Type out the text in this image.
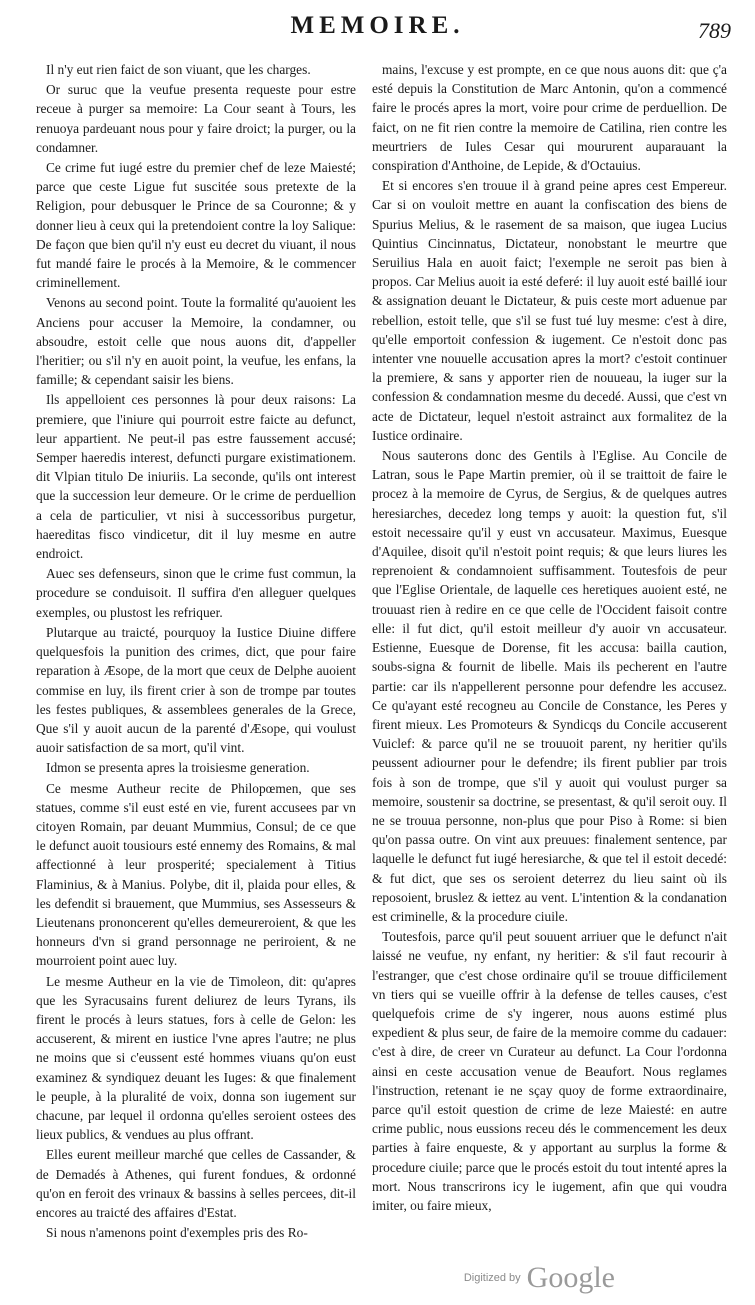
MEMOIRE.	789

Il n'y eut rien faict de son viuant, que les charges.

Or suruc que la veufue presenta requeste pour estre receue à purger sa memoire: La Cour seant à Tours, les renuoya pardeuant nous pour y faire droict; la purger, ou la condamner.

Ce crime fut iugé estre du premier chef de leze Maiesté; parce que ceste Ligue fut suscitée sous pretexte de la Religion, pour debusquer le Prince de sa Couronne; & y donner lieu à ceux qui la pretendoient contre la loy Salique: De façon que bien qu'il n'y eust eu decret du viuant, il nous fut mandé faire le procés à la Memoire, & le commencer criminellement.

Venons au second point. Toute la formalité qu'auoient les Anciens pour accuser la Memoire, la condamner, ou absoudre, estoit celle que nous auons dit, d'appeller l'heritier; ou s'il n'y en auoit point, la veufue, les enfans, la famille; & cependant saisir les biens.

Ils appelloient ces personnes là pour deux raisons: La premiere, que l'iniure qui pourroit estre faicte au defunct, leur appartient. Ne peut-il pas estre faussement accusé; Semper haeredis interest, defuncti purgare existimationem. dit Vlpian titulo De iniuriis. La seconde, qu'ils ont interest que la succession leur demeure. Or le crime de perduellion a cela de particulier, vt nisi à successoribus purgetur, haereditas fisco vindicetur, dit il luy mesme en autre endroict.

Auec ses defenseurs, sinon que le crime fust commun, la procedure se conduisoit. Il suffira d'en alleguer quelques exemples, ou plustost les refriquer.

Plutarque au traicté, pourquoy la Iustice Diuine differe quelquesfois la punition des crimes, dict, que pour faire reparation à Æsope, de la mort que ceux de Delphe auoient commise en luy, ils firent crier à son de trompe par toutes les festes publiques, & assemblees generales de la Grece, Que s'il y auoit aucun de la parenté d'Æsope, qui voulust auoir satisfaction de sa mort, qu'il vint.

Idmon se presenta apres la troisiesme generation.

Ce mesme Autheur recite de Philopœmen, que ses statues, comme s'il eust esté en vie, furent accusees par vn citoyen Romain, par deuant Mummius, Consul; de ce que le defunct auoit tousiours esté ennemy des Romains, & mal affectionné à leur prosperité; specialement à Titius Flaminius, & à Manius. Polybe, dit il, plaida pour elles, & les defendit si brauement, que Mummius, ses Assesseurs & Lieutenans prononcerent qu'elles demeureroient, & que les honneurs d'vn si grand personnage ne periroient, & ne mourroient point auec luy.

Le mesme Autheur en la vie de Timoleon, dit: qu'apres que les Syracusains furent deliurez de leurs Tyrans, ils firent le procés à leurs statues, fors à celle de Gelon: les accuserent, & mirent en iustice l'vne apres l'autre; ne plus ne moins que si c'eussent esté hommes viuans qu'on eust examinez & syndiquez deuant les Iuges: & que finalement le peuple, à la pluralité de voix, donna son iugement sur chacune, par lequel il ordonna qu'elles seroient ostees des lieux publics, & vendues au plus offrant.

Elles eurent meilleur marché que celles de Cassander, & de Demadés à Athenes, qui furent fondues, & ordonné qu'on en feroit des vrinaux & bassins à selles percees, dit-il encores au traicté des affaires d'Estat.

Si nous n'amenons point d'exemples pris des Ro-

mains, l'excuse y est prompte, en ce que nous auons dit: que ç'a esté depuis la Constitution de Marc Antonin, qu'on a commencé faire le procés apres la mort, voire pour crime de perduellion. De faict, on ne fit rien contre la memoire de Catilina, rien contre les meurtriers de Iules Cesar qui moururent auparauant la conspiration d'Anthoine, de Lepide, & d'Octauius.

Et si encores s'en trouue il à grand peine apres cest Empereur. Car si on vouloit mettre en auant la confiscation des biens de Spurius Melius, & le rasement de sa maison, que iugea Lucius Quintius Cincinnatus, Dictateur, nonobstant le meurtre que Seruilius Hala en auoit faict; l'exemple ne seroit pas bien à propos. Car Melius auoit ia esté deferé: il luy auoit esté baillé iour & assignation deuant le Dictateur, & puis ceste mort aduenue par rebellion, estoit telle, que s'il se fust tué luy mesme: c'est à dire, qu'elle emportoit confession & iugement. Ce n'estoit donc pas intenter vne nouuelle accusation apres la mort? c'estoit continuer la premiere, & sans y apporter rien de nouueau, la iuger sur la confession & condamnation mesme du decedé. Aussi, que c'est vn acte de Dictateur, lequel n'estoit astrainct aux formalitez de la Iustice ordinaire.

Nous sauterons donc des Gentils à l'Eglise. Au Concile de Latran, sous le Pape Martin premier, où il se traittoit de faire le procez à la memoire de Cyrus, de Sergius, & de quelques autres heresiarches, decedez long temps y auoit: la question fut, s'il estoit necessaire qu'il y eust vn accusateur. Maximus, Euesque d'Aquilee, disoit qu'il n'estoit point requis; & que leurs liures les reprenoient & condamnoient suffisamment. Toutesfois de peur que l'Eglise Orientale, de laquelle ces heretiques auoient esté, ne trouuast rien à redire en ce que celle de l'Occident faisoit contre elle: il fut dict, qu'il estoit meilleur d'y auoir vn accusateur. Estienne, Euesque de Dorense, fit les accusa: bailla caution, soubs-signa & fournit de libelle. Mais ils pecherent en l'autre partie: car ils n'appellerent personne pour defendre les accusez. Ce qu'ayant esté recogneu au Concile de Constance, les Peres y firent mieux. Les Promoteurs & Syndicqs du Concile accuserent Vuiclef: & parce qu'il ne se trouuoit parent, ny heritier qu'ils peussent adiourner pour le defendre; ils firent publier par trois fois à son de trompe, que s'il y auoit qui voulust purger sa memoire, soustenir sa doctrine, se presentast, & qu'il seroit ouy. Il ne se trouua personne, non-plus que pour Piso à Rome: si bien qu'on passa outre. On vint aux preuues: finalement sentence, par laquelle le defunct fut iugé heresiarche, & que tel il estoit decedé: & fut dict, que ses os seroient deterrez du lieu saint où ils reposoient, bruslez & iettez au vent. L'intention & la condanation est criminelle, & la procedure ciuile.

Toutesfois, parce qu'il peut souuent arriuer que le defunct n'ait laissé ne veufue, ny enfant, ny heritier: & s'il faut recourir à l'estranger, que c'est chose ordinaire qu'il se trouue difficilement vn tiers qui se vueille offrir à la defense de telles causes, c'est quelquefois crime de s'y ingerer, nous auons estimé plus expedient & plus seur, de faire de la memoire comme du cadauer: c'est à dire, de creer vn Curateur au defunct. La Cour l'ordonna ainsi en ceste accusation venue de Beaufort. Nous reglames l'instruction, retenant ie ne sçay quoy de forme extraordinaire, parce qu'il estoit question de crime de leze Maiesté: en autre crime public, nous eussions receu dés le commencement les deux parties à faire enqueste, & y apportant au surplus la forme & procedure ciuile; parce que le procés estoit du tout intenté apres la mort. Nous transcrirons icy le iugement, afin que qui voudra imiter, ou faire mieux,

Digitized by Google
